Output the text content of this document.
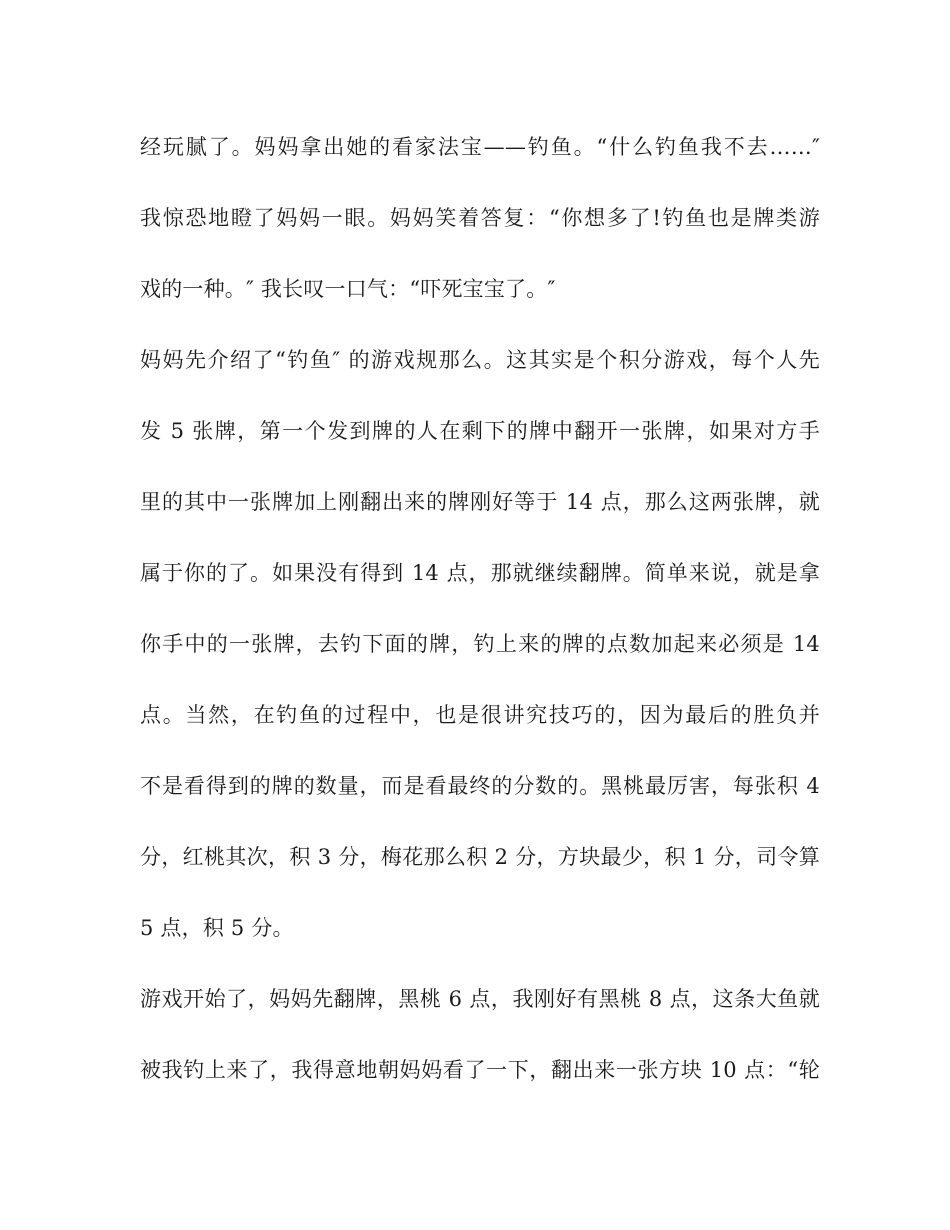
经玩腻了。妈妈拿出她的看家法宝——钓鱼。“什么钓鱼我不去……″
我惊恐地瞪了妈妈一眼。妈妈笑着答复：“你想多了!钓鱼也是牌类游
戏的一种。″ 我长叹一口气：“吓死宝宝了。″
妈妈先介绍了“钓鱼″ 的游戏规那么。这其实是个积分游戏，每个人先
发 5 张牌，第一个发到牌的人在剩下的牌中翻开一张牌，如果对方手
里的其中一张牌加上刚翻出来的牌刚好等于 14 点，那么这两张牌，就
属于你的了。如果没有得到 14 点，那就继续翻牌。简单来说，就是拿
你手中的一张牌，去钓下面的牌，钓上来的牌的点数加起来必须是 14
点。当然，在钓鱼的过程中，也是很讲究技巧的，因为最后的胜负并
不是看得到的牌的数量，而是看最终的分数的。黑桃最厉害，每张积 4
分，红桃其次，积 3 分，梅花那么积 2 分，方块最少，积 1 分，司令算
5 点，积 5 分。
游戏开始了，妈妈先翻牌，黑桃 6 点，我刚好有黑桃 8 点，这条大鱼就
被我钓上来了，我得意地朝妈妈看了一下，翻出来一张方块 10 点：“轮
